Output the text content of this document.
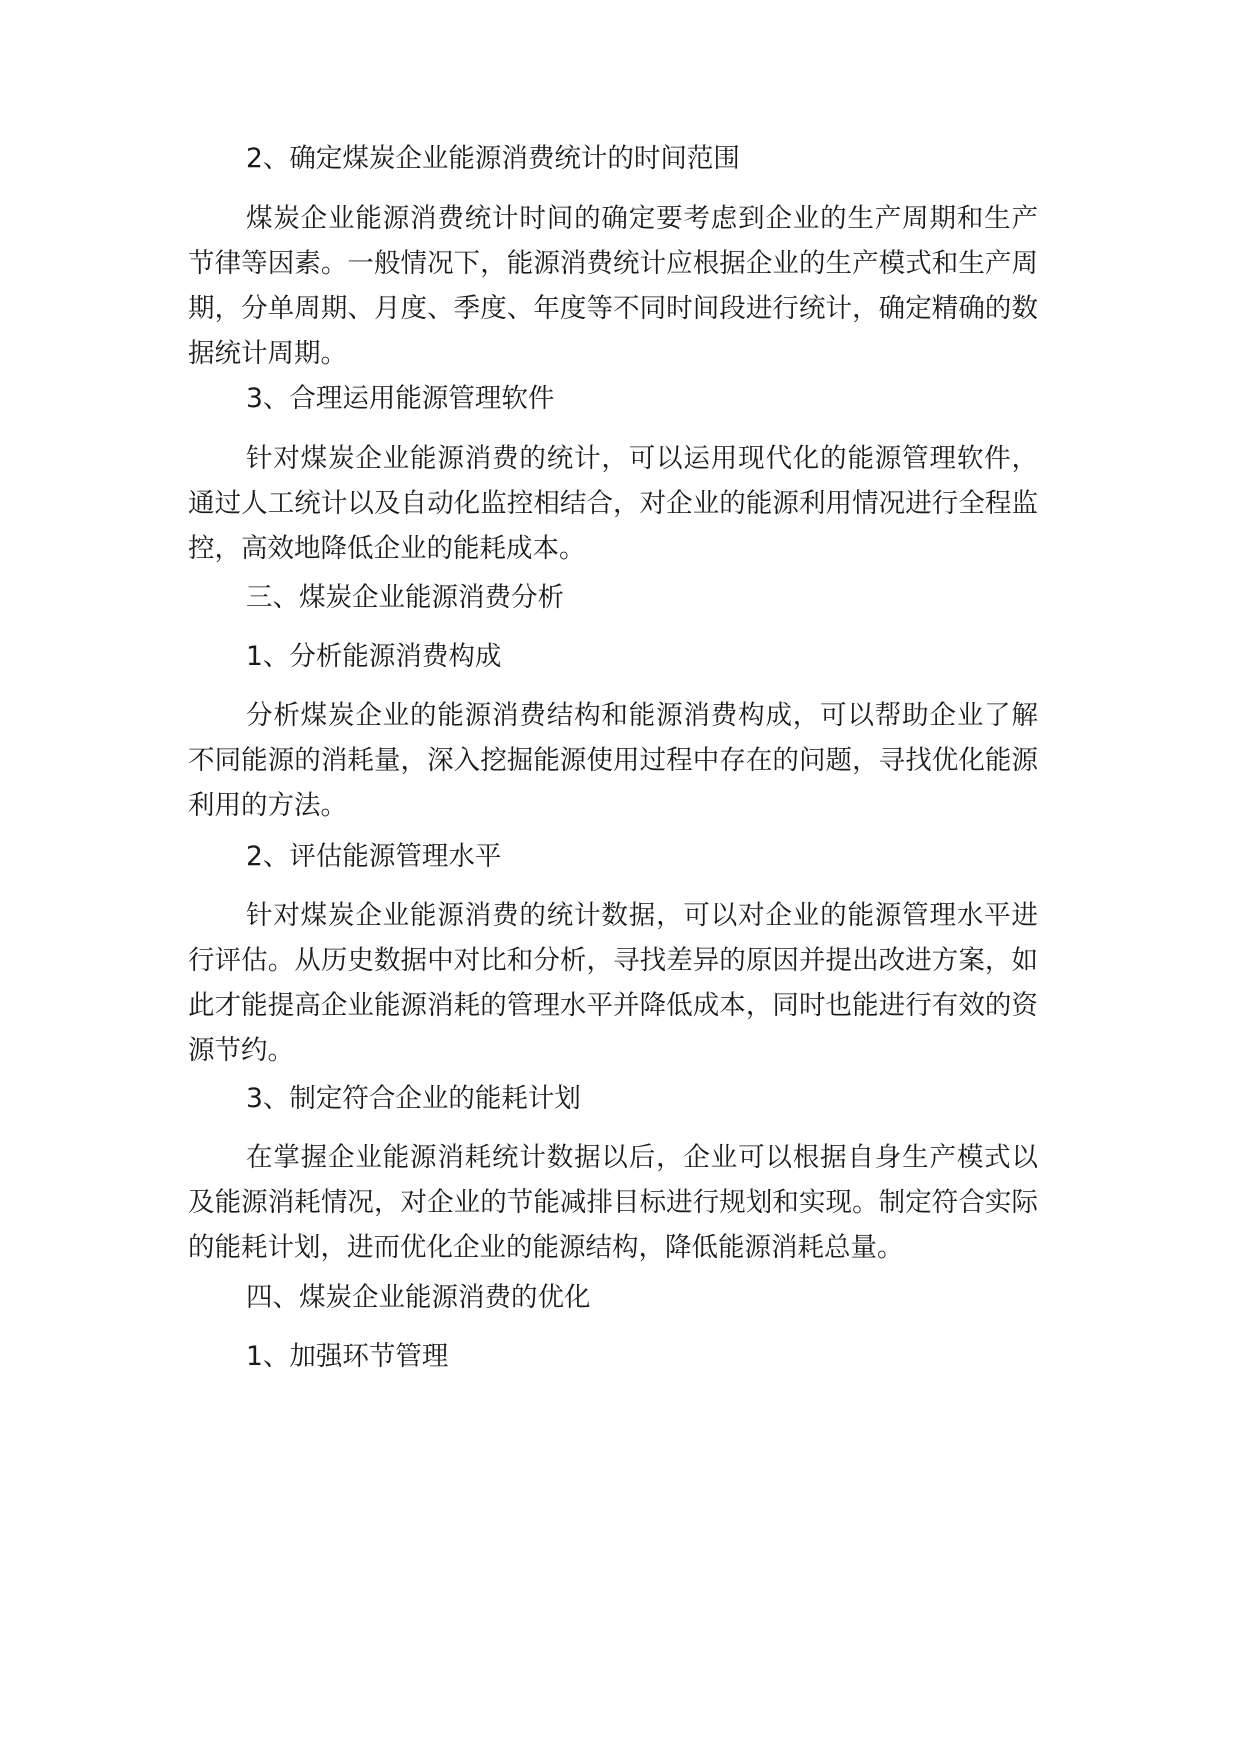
2、确定煤炭企业能源消费统计的时间范围

煤炭企业能源消费统计时间的确定要考虑到企业的生产周期和生产节律等因素。一般情况下，能源消费统计应根据企业的生产模式和生产周期，分单周期、月度、季度、年度等不同时间段进行统计，确定精确的数据统计周期。

3、合理运用能源管理软件

针对煤炭企业能源消费的统计，可以运用现代化的能源管理软件，通过人工统计以及自动化监控相结合，对企业的能源利用情况进行全程监控，高效地降低企业的能耗成本。

三、煤炭企业能源消费分析

1、分析能源消费构成

分析煤炭企业的能源消费结构和能源消费构成，可以帮助企业了解不同能源的消耗量，深入挖掘能源使用过程中存在的问题，寻找优化能源利用的方法。

2、评估能源管理水平

针对煤炭企业能源消费的统计数据，可以对企业的能源管理水平进行评估。从历史数据中对比和分析，寻找差异的原因并提出改进方案，如此才能提高企业能源消耗的管理水平并降低成本，同时也能进行有效的资源节约。

3、制定符合企业的能耗计划

在掌握企业能源消耗统计数据以后，企业可以根据自身生产模式以及能源消耗情况，对企业的节能减排目标进行规划和实现。制定符合实际的能耗计划，进而优化企业的能源结构，降低能源消耗总量。

四、煤炭企业能源消费的优化

1、加强环节管理
